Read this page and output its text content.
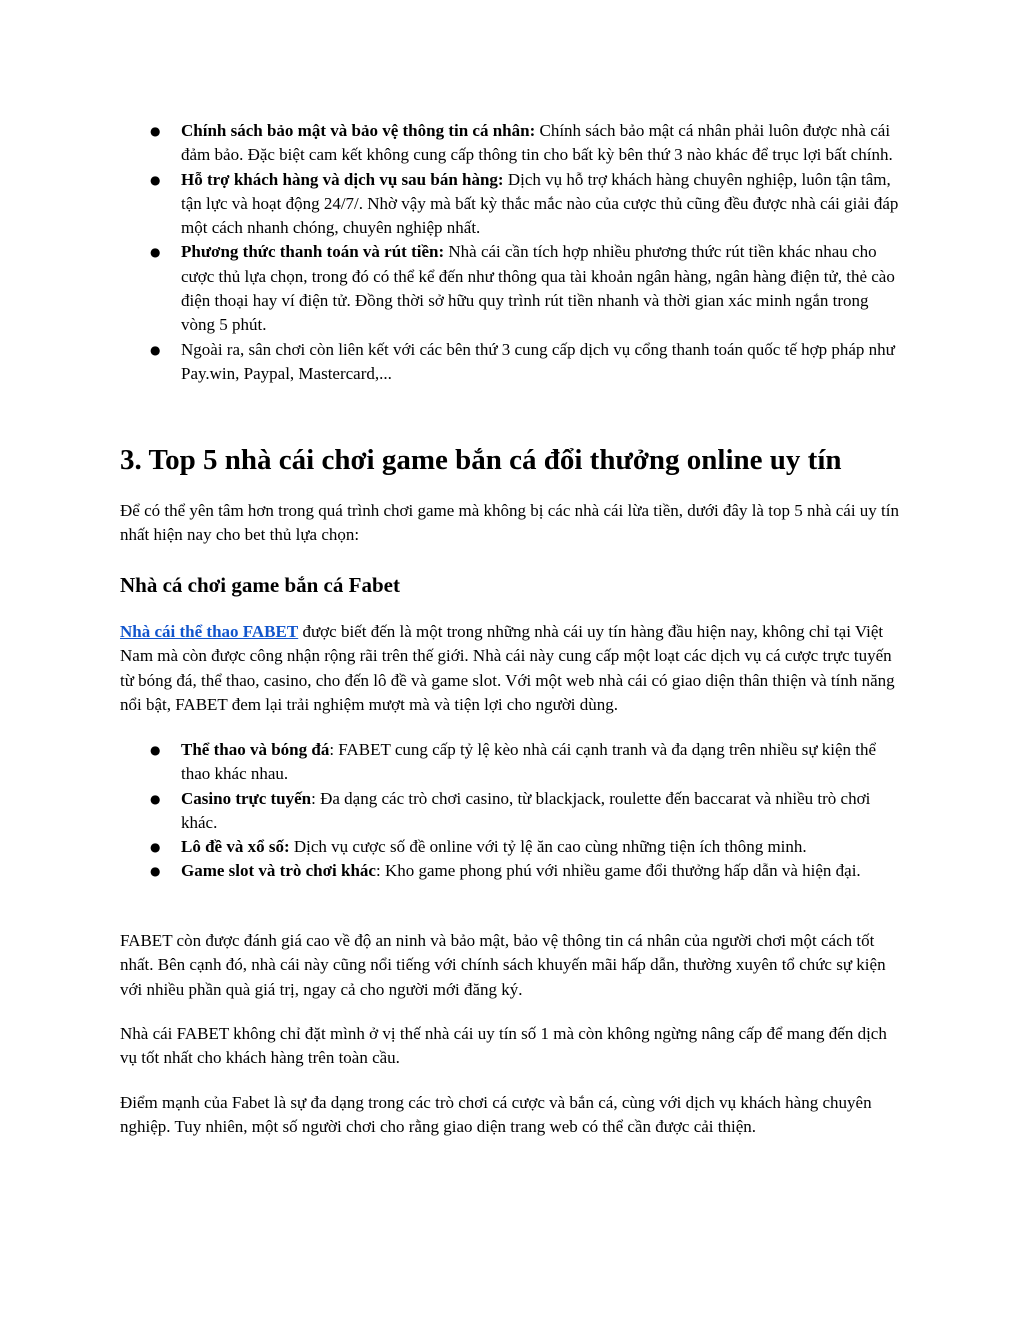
● Chính sách bảo mật và bảo vệ thông tin cá nhân: Chính sách bảo mật cá nhân phải luôn được nhà cái đảm bảo. Đặc biệt cam kết không cung cấp thông tin cho bất kỳ bên thứ 3 nào khác để trục lợi bất chính.
● Hỗ trợ khách hàng và dịch vụ sau bán hàng: Dịch vụ hỗ trợ khách hàng chuyên nghiệp, luôn tận tâm, tận lực và hoạt động 24/7/. Nhờ vậy mà bất kỳ thắc mắc nào của cược thủ cũng đều được nhà cái giải đáp một cách nhanh chóng, chuyên nghiệp nhất.
● Phương thức thanh toán và rút tiền: Nhà cái cần tích hợp nhiều phương thức rút tiền khác nhau cho cược thủ lựa chọn, trong đó có thể kể đến như thông qua tài khoản ngân hàng, ngân hàng điện tử, thẻ cào điện thoại hay ví điện tử. Đồng thời sở hữu quy trình rút tiền nhanh và thời gian xác minh ngắn trong vòng 5 phút.
● Ngoài ra, sân chơi còn liên kết với các bên thứ 3 cung cấp dịch vụ cổng thanh toán quốc tế hợp pháp như Pay.win, Paypal, Mastercard,...
3. Top 5 nhà cái chơi game bắn cá đổi thưởng online uy tín

Để có thể yên tâm hơn trong quá trình chơi game mà không bị các nhà cái lừa tiền, dưới đây là top 5 nhà cái uy tín nhất hiện nay cho bet thủ lựa chọn:

Nhà cá chơi game bắn cá Fabet

Nhà cái thể thao FABET được biết đến là một trong những nhà cái uy tín hàng đầu hiện nay, không chỉ tại Việt Nam mà còn được công nhận rộng rãi trên thế giới. Nhà cái này cung cấp một loạt các dịch vụ cá cược trực tuyến từ bóng đá, thể thao, casino, cho đến lô đề và game slot. Với một web nhà cái có giao diện thân thiện và tính năng nổi bật, FABET đem lại trải nghiệm mượt mà và tiện lợi cho người dùng.

● Thể thao và bóng đá: FABET cung cấp tỷ lệ kèo nhà cái cạnh tranh và đa dạng trên nhiều sự kiện thể thao khác nhau.
● Casino trực tuyến: Đa dạng các trò chơi casino, từ blackjack, roulette đến baccarat và nhiều trò chơi khác.
● Lô đề và xổ số: Dịch vụ cược số đề online với tỷ lệ ăn cao cùng những tiện ích thông minh.
● Game slot và trò chơi khác: Kho game phong phú với nhiều game đổi thưởng hấp dẫn và hiện đại.

FABET còn được đánh giá cao về độ an ninh và bảo mật, bảo vệ thông tin cá nhân của người chơi một cách tốt nhất. Bên cạnh đó, nhà cái này cũng nổi tiếng với chính sách khuyến mãi hấp dẫn, thường xuyên tổ chức sự kiện với nhiều phần quà giá trị, ngay cả cho người mới đăng ký.

Nhà cái FABET không chỉ đặt mình ở vị thế nhà cái uy tín số 1 mà còn không ngừng nâng cấp để mang đến dịch vụ tốt nhất cho khách hàng trên toàn cầu.

Điểm mạnh của Fabet là sự đa dạng trong các trò chơi cá cược và bắn cá, cùng với dịch vụ khách hàng chuyên nghiệp. Tuy nhiên, một số người chơi cho rằng giao diện trang web có thể cần được cải thiện.
